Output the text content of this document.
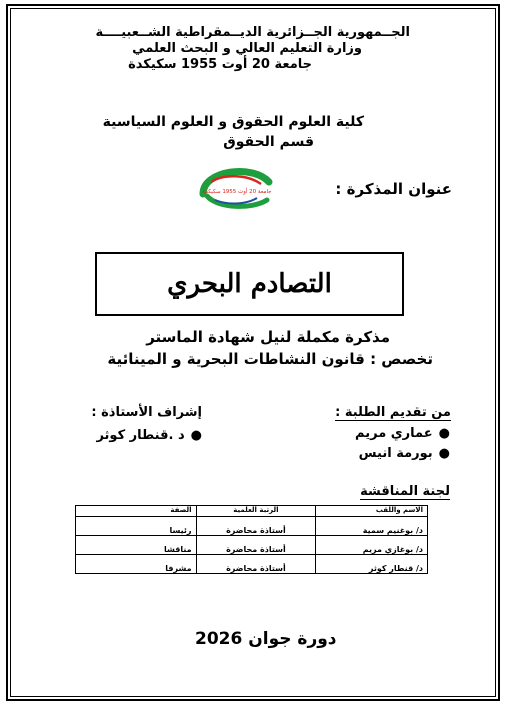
الجــمهورية الجــزائرية الديــمقراطية الشــعبيــــة
وزارة التعليم العالي و البحث العلمي
جامعة 20 أوت 1955 سكيكدة
كلية العلوم الحقوق و العلوم السياسية
قسم الحقوق
جامعة 20 أوت 1955 سكيكدة	عنوان المذكرة :
التصادم البحري
مذكرة مكملة لنيل شهادة الماستر
تخصص : قانون النشاطات البحرية و المينائية
من تقديم الطلبة :
●عماري مريم
●بورمة انيس
إشراف الأستاذة :
●د .قنطار كوثر
لجنة المناقشة
الاسم واللقب	الرتبة العلمية	الصفة
د/ بوغنيم سمية	أستاذة محاضرة	رئيسا
د/ بوغازي مريم	أستاذة محاضرة	مناقشا
د/ قنطار كوثر	أستاذة محاضرة	مشرفا
دورة جوان 2026
